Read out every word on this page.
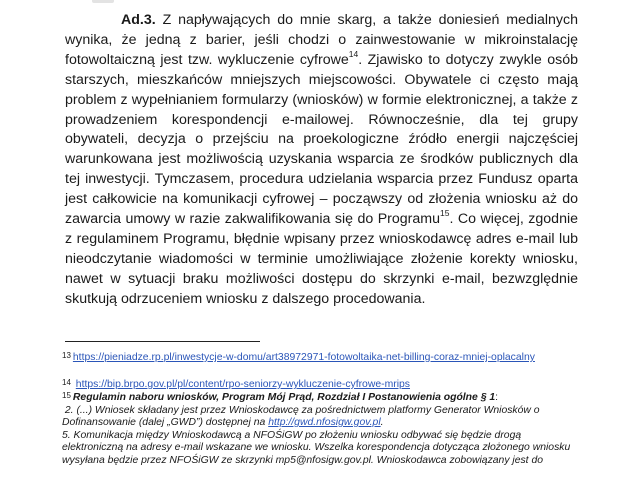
Ad.3. Z napływających do mnie skarg, a także doniesień medialnych wynika, że jedną z barier, jeśli chodzi o zainwestowanie w mikroinstalację fotowoltaiczną jest tzw. wykluczenie cyfrowe$^{14}$. Zjawisko to dotyczy zwykle osób starszych, mieszkańców mniejszych miejscowości. Obywatele ci często mają problem z wypełnianiem formularzy (wniosków) w formie elektronicznej, a także z prowadzeniem korespondencji e-mailowej. Równocześnie, dla tej grupy obywateli, decyzja o przejściu na proekologiczne źródło energii najczęściej warunkowana jest możliwością uzyskania wsparcia ze środków publicznych dla tej inwestycji. Tymczasem, procedura udzielania wsparcia przez Fundusz oparta jest całkowicie na komunikacji cyfrowej – począwszy od złożenia wniosku aż do zawarcia umowy w razie zakwalifikowania się do Programu$^{15}$. Co więcej, zgodnie z regulaminem Programu, błędnie wpisany przez wnioskodawcę adres e-mail lub nieodczytanie wiadomości w terminie umożliwiające złożenie korekty wniosku, nawet w sytuacji braku możliwości dostępu do skrzynki e-mail, bezwzględnie skutkują odrzuceniem wniosku z dalszego procedowania.

13 https://pieniadze.rp.pl/inwestycje-w-domu/art38972971-fotowoltaika-net-billing-coraz-mniej-oplacalny

14 https://bip.brpo.gov.pl/pl/content/rpo-seniorzy-wykluczenie-cyfrowe-mrips

15 Regulamin naboru wniosków, Program Mój Prąd, Rozdział I Postanowienia ogólne § 1:
2. (...) Wniosek składany jest przez Wnioskodawcę za pośrednictwem platformy Generator Wniosków o Dofinansowanie (dalej „GWD”) dostępnej na http://gwd.nfosigw.gov.pl.
5. Komunikacja między Wnioskodawcą a NFOŚiGW po złożeniu wniosku odbywać się będzie drogą elektroniczną na adresy e-mail wskazane we wniosku. Wszelka korespondencja dotycząca złożonego wniosku wysyłana będzie przez NFOŚiGW ze skrzynki mp5@nfosigw.gov.pl. Wnioskodawca zobowiązany jest do
